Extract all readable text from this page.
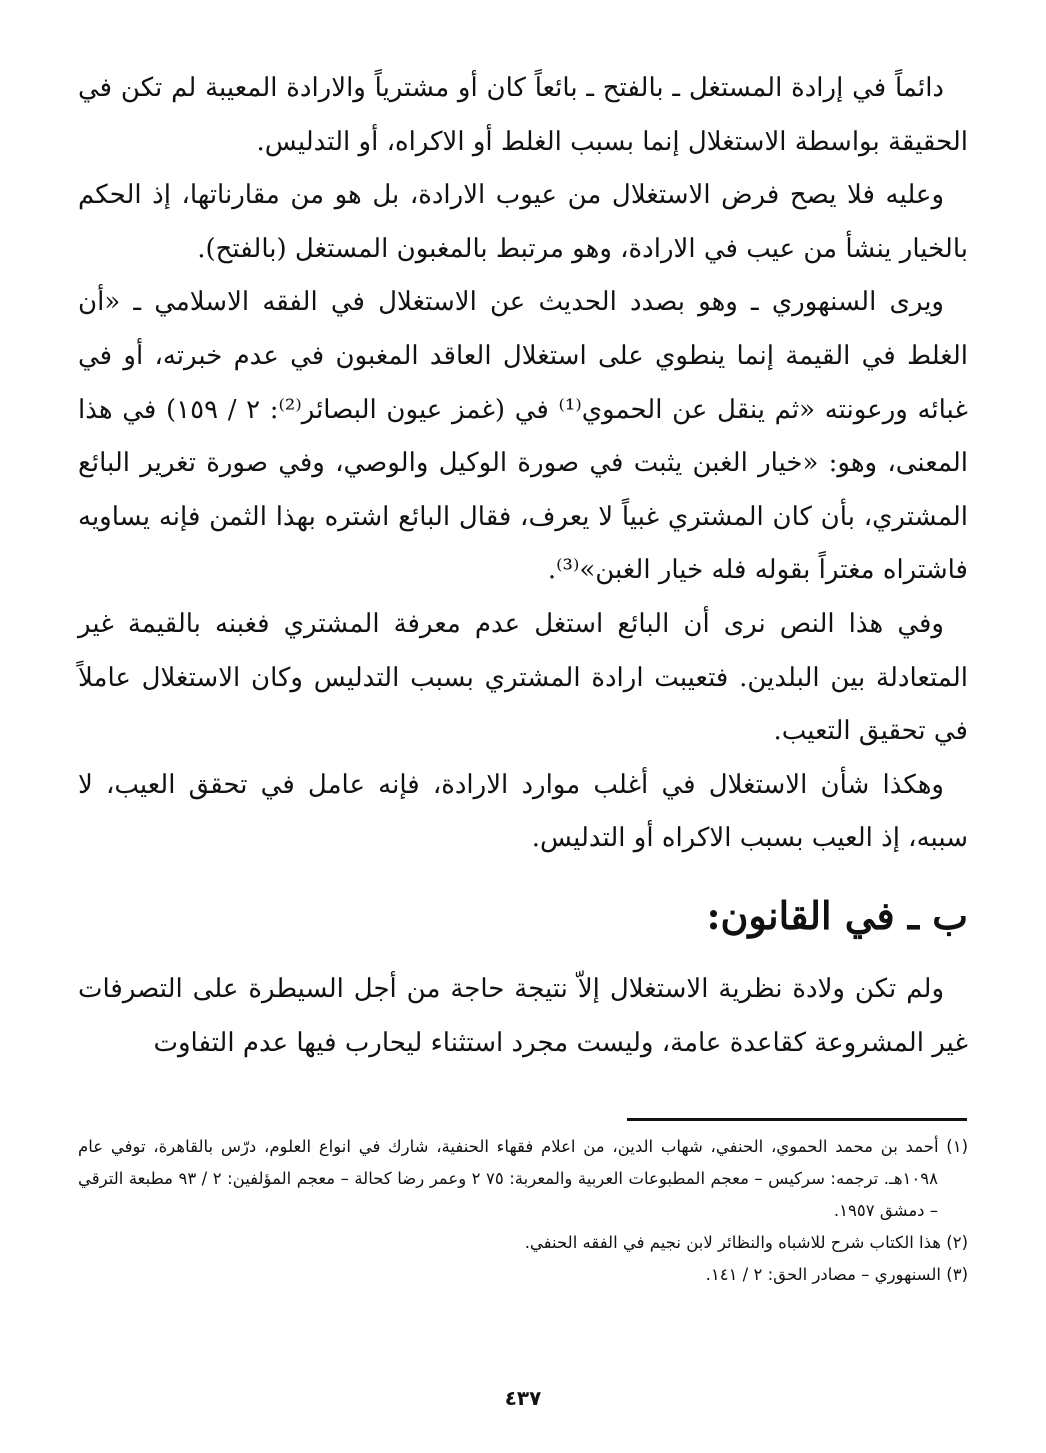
دائماً في إرادة المستغل ـ بالفتح ـ بائعاً كان أو مشترياً والارادة المعيبة لم تكن في الحقيقة بواسطة الاستغلال إنما بسبب الغلط أو الاكراه، أو التدليس.

وعليه فلا يصح فرض الاستغلال من عيوب الارادة، بل هو من مقارناتها، إذ الحكم بالخيار ينشأ من عيب في الارادة، وهو مرتبط بالمغبون المستغل (بالفتح).

ويرى السنهوري ـ وهو بصدد الحديث عن الاستغلال في الفقه الاسلامي ـ «أن الغلط في القيمة إنما ينطوي على استغلال العاقد المغبون في عدم خبرته، أو في غبائه ورعونته «ثم ينقل عن الحموي⁽¹⁾ في (غمز عيون البصائر⁽²⁾: ٢ / ١٥٩) في هذا المعنى، وهو: «خيار الغبن يثبت في صورة الوكيل والوصي، وفي صورة تغرير البائع المشتري، بأن كان المشتري غبياً لا يعرف، فقال البائع اشتره بهذا الثمن فإنه يساويه فاشتراه مغتراً بقوله فله خيار الغبن»⁽³⁾.

وفي هذا النص نرى أن البائع استغل عدم معرفة المشتري فغبنه بالقيمة غير المتعادلة بين البلدين. فتعيبت ارادة المشتري بسبب التدليس وكان الاستغلال عاملاً في تحقيق التعيب.

وهكذا شأن الاستغلال في أغلب موارد الارادة، فإنه عامل في تحقق العيب، لا سببه، إذ العيب بسبب الاكراه أو التدليس.

ب ـ في القانون:

ولم تكن ولادة نظرية الاستغلال إلاّ نتيجة حاجة من أجل السيطرة على التصرفات غير المشروعة كقاعدة عامة، وليست مجرد استثناء ليحارب فيها عدم التفاوت

(١) أحمد بن محمد الحموي، الحنفي، شهاب الدين، من اعلام فقهاء الحنفية، شارك في انواع العلوم، درّس بالقاهرة، توفي عام ١٠٩٨هـ. ترجمه: سركيس – معجم المطبوعات العربية والمعربة: ٧٥ ٢ وعمر رضا كحالة – معجم المؤلفين: ٢ / ٩٣ مطبعة الترقي – دمشق ١٩٥٧.

(٢) هذا الكتاب شرح للاشباه والنظائر لابن نجيم في الفقه الحنفي.

(٣) السنهوري – مصادر الحق: ٢ / ١٤١.

٤٣٧
